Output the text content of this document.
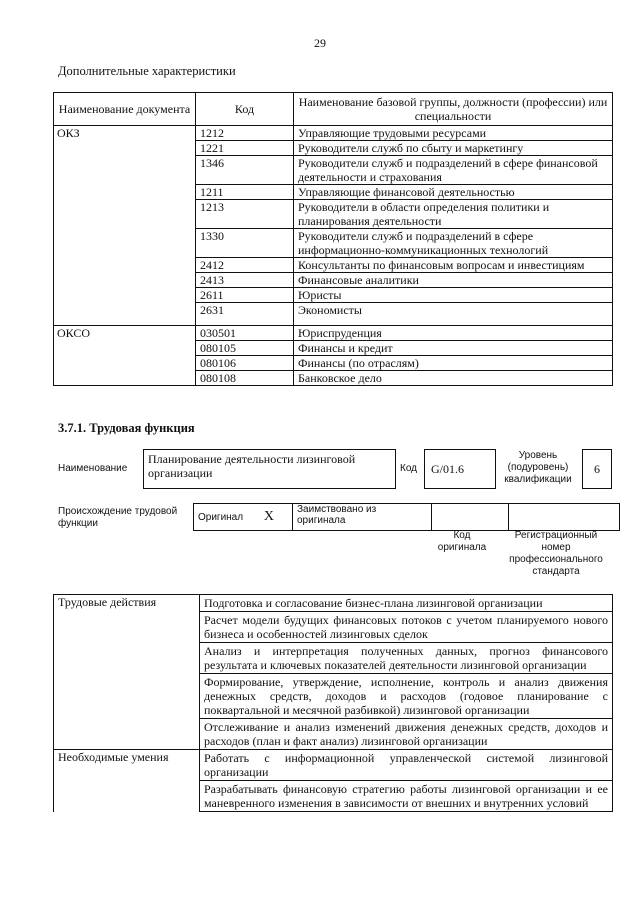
29
Дополнительные характеристики
Наименование документа	Код	Наименование базовой группы, должности (профессии) или специальности
ОКЗ	1212	Управляющие трудовыми ресурсами
	1221	Руководители служб по сбыту и маркетингу
	1346	Руководители служб и подразделений в сфере финансовой деятельности и страхования
	1211	Управляющие финансовой деятельностью
	1213	Руководители в области определения политики и планирования деятельности
	1330	Руководители служб и подразделений в сфере информационно-коммуникационных технологий
	2412	Консультанты по финансовым вопросам и инвестициям
	2413	Финансовые аналитики
	2611	Юристы
	2631	Экономисты
ОКСО	030501	Юриспруденция
	080105	Финансы и кредит
	080106	Финансы (по отраслям)
	080108	Банковское дело
3.7.1. Трудовая функция
Наименование
Планирование деятельности лизинговой организации	Код	G/01.6
Уровень (подуровень) квалификации
6
Происхождение трудовой функции
Оригинал X	Заимствовано из оригинала		
Код оригинала
Регистрационный номер профессионального стандарта
Трудовые действия	Подготовка и согласование бизнес-плана лизинговой организации
	Расчет модели будущих финансовых потоков с учетом планируемого нового бизнеса и особенностей лизинговых сделок
	Анализ и интерпретация полученных данных, прогноз финансового результата и ключевых показателей деятельности лизинговой организации
	Формирование, утверждение, исполнение, контроль и анализ движения денежных средств, доходов и расходов (годовое планирование с поквартальной и месячной разбивкой) лизинговой организации
	Отслеживание и анализ изменений движения денежных средств, доходов и расходов (план и факт анализ) лизинговой организации
Необходимые умения	Работать с информационной управленческой системой лизинговой организации
	Разрабатывать финансовую стратегию работы лизинговой организации и ее маневренного изменения в зависимости от внешних и внутренних условий
